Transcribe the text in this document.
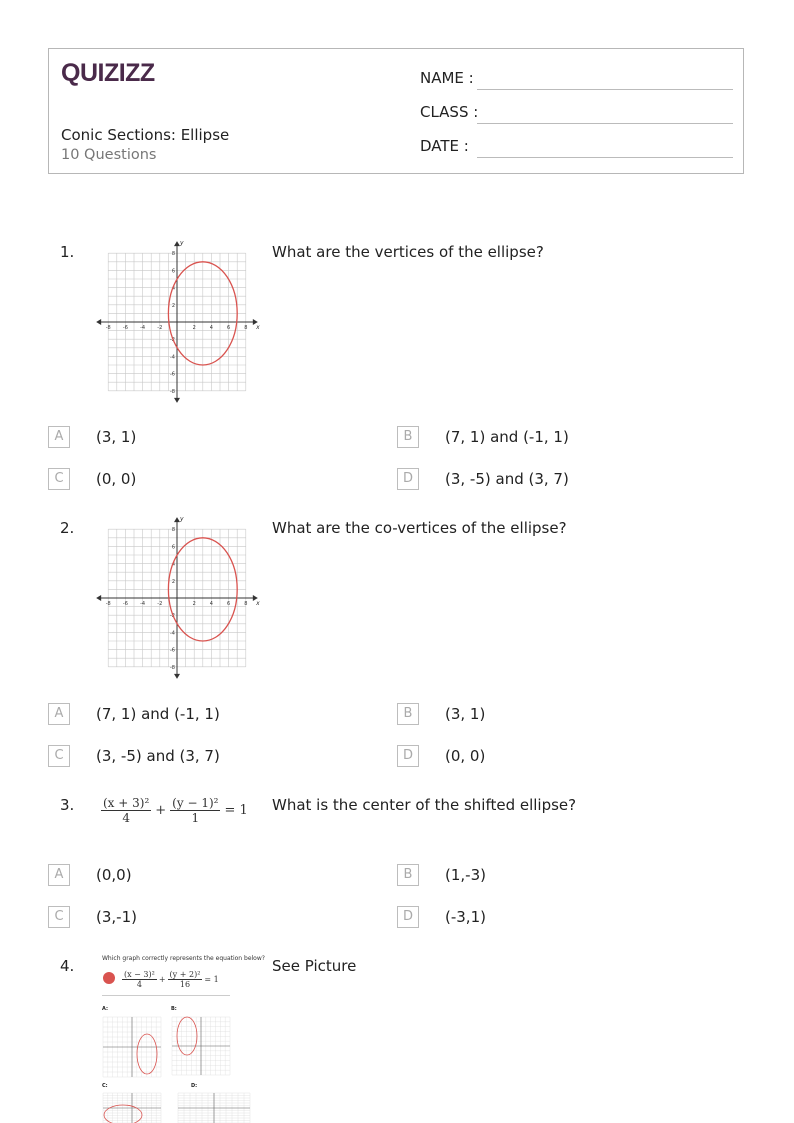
QUIZIZZ
Conic Sections: Ellipse
10 Questions
NAME :
CLASS :
DATE :
1.
-8 -6 -4 -2	2	4	6	8
8
6
4
2
-2
-4
-6
-8
x
y	What are the vertices of the ellipse?
A	(3, 1)	B	(7, 1) and (-1, 1)
C	(0, 0)	D	(3, -5) and (3, 7)
2.
-8 -6 -4 -2	2	4	6	8
8
6
4
2
-2
-4
-6
-8
x
y	What are the co-vertices of the ellipse?
A	(7, 1) and (-1, 1)	B	(3, 1)
C	(3, -5) and (3, 7)	D	(0, 0)
3. $\frac{\text{(x + 3)²}}{4} + \frac{\text{(y − 1)²}}{1} = 1$ What is the center of the shifted ellipse?
A	(0,0)	B	(1,-3)
C	(3,-1)	D	(-3,1)
4.	Which graph correctly represents the equation below?
$\frac{\text{(x − 3)²}}{4} + \frac{\text{(y + 2)²}}{16} = 1$
A:	B:
C:	D:
See Picture
